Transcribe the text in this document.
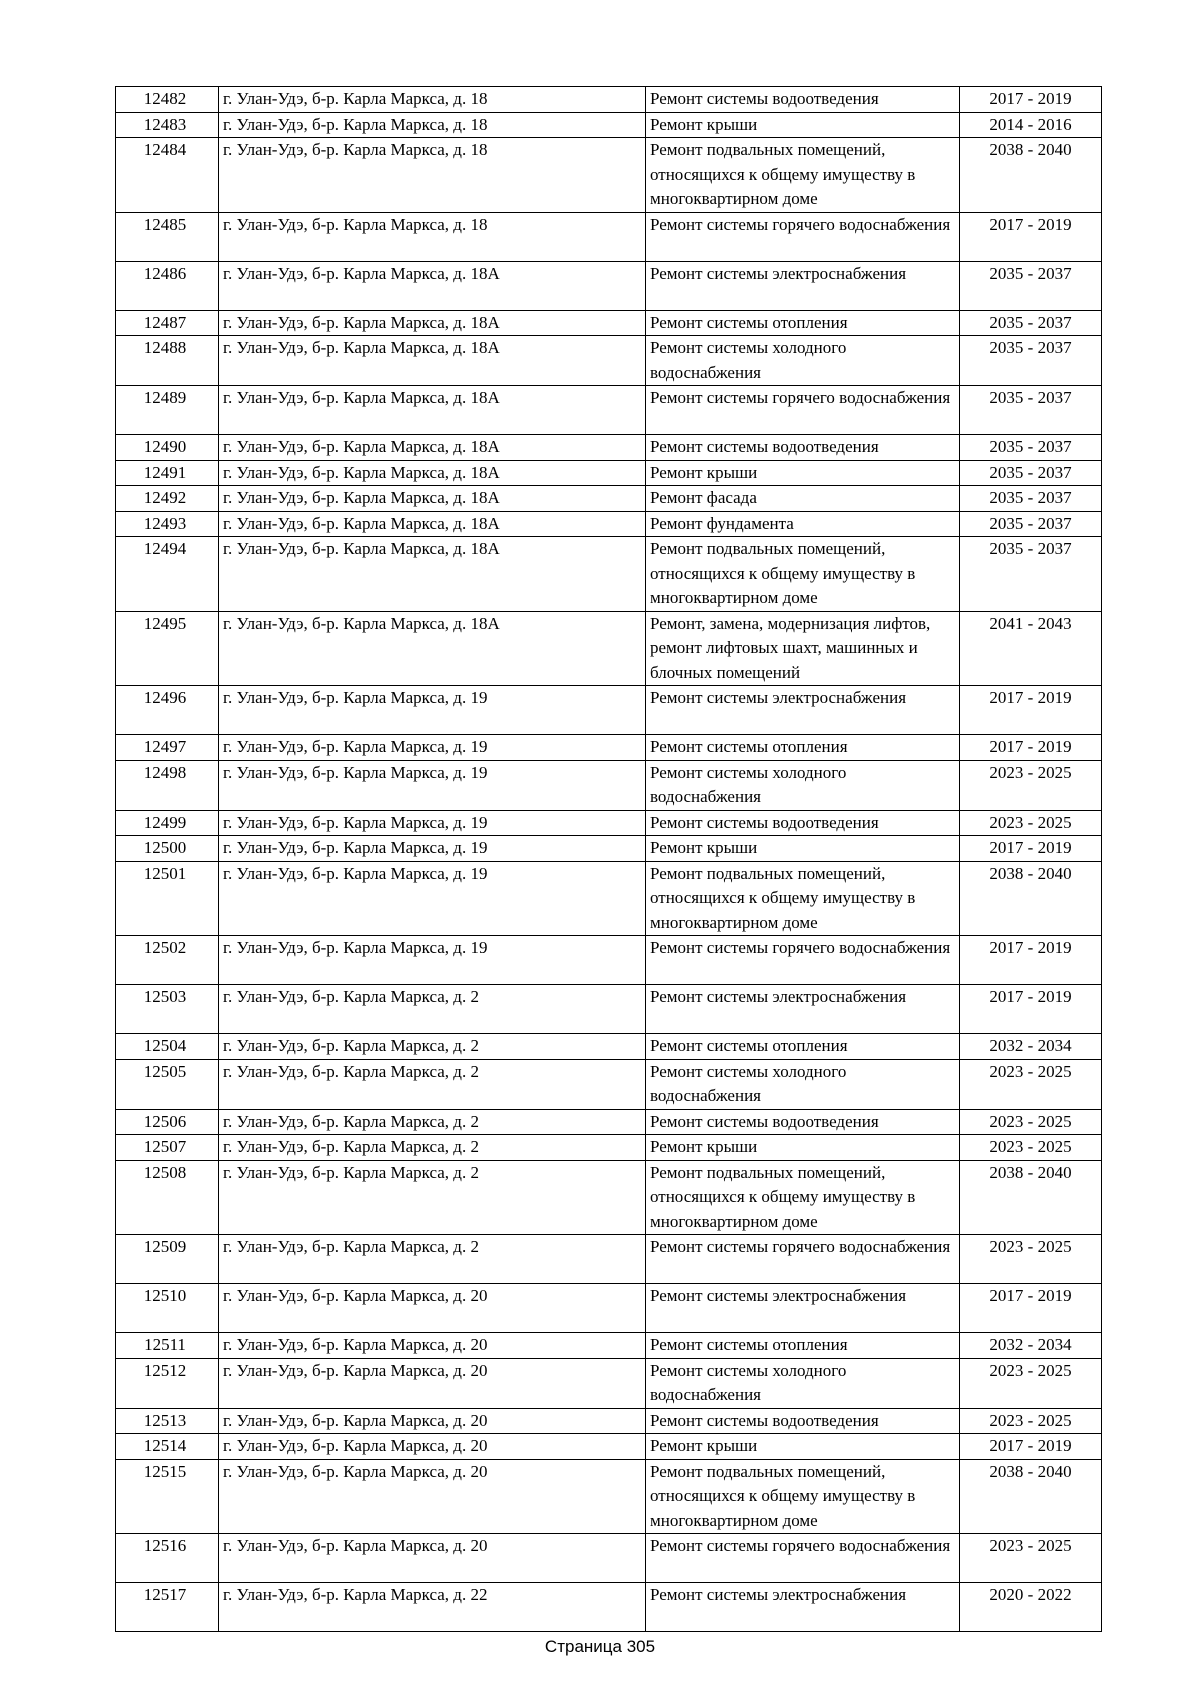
12482	г. Улан-Удэ, б-р. Карла Маркса, д. 18	Ремонт системы водоотведения	2017 - 2019
12483	г. Улан-Удэ, б-р. Карла Маркса, д. 18	Ремонт крыши	2014 - 2016
12484	г. Улан-Удэ, б-р. Карла Маркса, д. 18	Ремонт подвальных помещений, относящихся к общему имуществу в многоквартирном доме	2038 - 2040
12485	г. Улан-Удэ, б-р. Карла Маркса, д. 18	Ремонт системы горячего водоснабжения	2017 - 2019
12486	г. Улан-Удэ, б-р. Карла Маркса, д. 18А	Ремонт системы электроснабжения	2035 - 2037
12487	г. Улан-Удэ, б-р. Карла Маркса, д. 18А	Ремонт системы отопления	2035 - 2037
12488	г. Улан-Удэ, б-р. Карла Маркса, д. 18А	Ремонт системы холодного водоснабжения	2035 - 2037
12489	г. Улан-Удэ, б-р. Карла Маркса, д. 18А	Ремонт системы горячего водоснабжения	2035 - 2037
12490	г. Улан-Удэ, б-р. Карла Маркса, д. 18А	Ремонт системы водоотведения	2035 - 2037
12491	г. Улан-Удэ, б-р. Карла Маркса, д. 18А	Ремонт крыши	2035 - 2037
12492	г. Улан-Удэ, б-р. Карла Маркса, д. 18А	Ремонт фасада	2035 - 2037
12493	г. Улан-Удэ, б-р. Карла Маркса, д. 18А	Ремонт фундамента	2035 - 2037
12494	г. Улан-Удэ, б-р. Карла Маркса, д. 18А	Ремонт подвальных помещений, относящихся к общему имуществу в многоквартирном доме	2035 - 2037
12495	г. Улан-Удэ, б-р. Карла Маркса, д. 18А	Ремонт, замена, модернизация лифтов, ремонт лифтовых шахт, машинных и блочных помещений	2041 - 2043
12496	г. Улан-Удэ, б-р. Карла Маркса, д. 19	Ремонт системы электроснабжения	2017 - 2019
12497	г. Улан-Удэ, б-р. Карла Маркса, д. 19	Ремонт системы отопления	2017 - 2019
12498	г. Улан-Удэ, б-р. Карла Маркса, д. 19	Ремонт системы холодного водоснабжения	2023 - 2025
12499	г. Улан-Удэ, б-р. Карла Маркса, д. 19	Ремонт системы водоотведения	2023 - 2025
12500	г. Улан-Удэ, б-р. Карла Маркса, д. 19	Ремонт крыши	2017 - 2019
12501	г. Улан-Удэ, б-р. Карла Маркса, д. 19	Ремонт подвальных помещений, относящихся к общему имуществу в многоквартирном доме	2038 - 2040
12502	г. Улан-Удэ, б-р. Карла Маркса, д. 19	Ремонт системы горячего водоснабжения	2017 - 2019
12503	г. Улан-Удэ, б-р. Карла Маркса, д. 2	Ремонт системы электроснабжения	2017 - 2019
12504	г. Улан-Удэ, б-р. Карла Маркса, д. 2	Ремонт системы отопления	2032 - 2034
12505	г. Улан-Удэ, б-р. Карла Маркса, д. 2	Ремонт системы холодного водоснабжения	2023 - 2025
12506	г. Улан-Удэ, б-р. Карла Маркса, д. 2	Ремонт системы водоотведения	2023 - 2025
12507	г. Улан-Удэ, б-р. Карла Маркса, д. 2	Ремонт крыши	2023 - 2025
12508	г. Улан-Удэ, б-р. Карла Маркса, д. 2	Ремонт подвальных помещений, относящихся к общему имуществу в многоквартирном доме	2038 - 2040
12509	г. Улан-Удэ, б-р. Карла Маркса, д. 2	Ремонт системы горячего водоснабжения	2023 - 2025
12510	г. Улан-Удэ, б-р. Карла Маркса, д. 20	Ремонт системы электроснабжения	2017 - 2019
12511	г. Улан-Удэ, б-р. Карла Маркса, д. 20	Ремонт системы отопления	2032 - 2034
12512	г. Улан-Удэ, б-р. Карла Маркса, д. 20	Ремонт системы холодного водоснабжения	2023 - 2025
12513	г. Улан-Удэ, б-р. Карла Маркса, д. 20	Ремонт системы водоотведения	2023 - 2025
12514	г. Улан-Удэ, б-р. Карла Маркса, д. 20	Ремонт крыши	2017 - 2019
12515	г. Улан-Удэ, б-р. Карла Маркса, д. 20	Ремонт подвальных помещений, относящихся к общему имуществу в многоквартирном доме	2038 - 2040
12516	г. Улан-Удэ, б-р. Карла Маркса, д. 20	Ремонт системы горячего водоснабжения	2023 - 2025
12517	г. Улан-Удэ, б-р. Карла Маркса, д. 22	Ремонт системы электроснабжения	2020 - 2022
Страница 305
